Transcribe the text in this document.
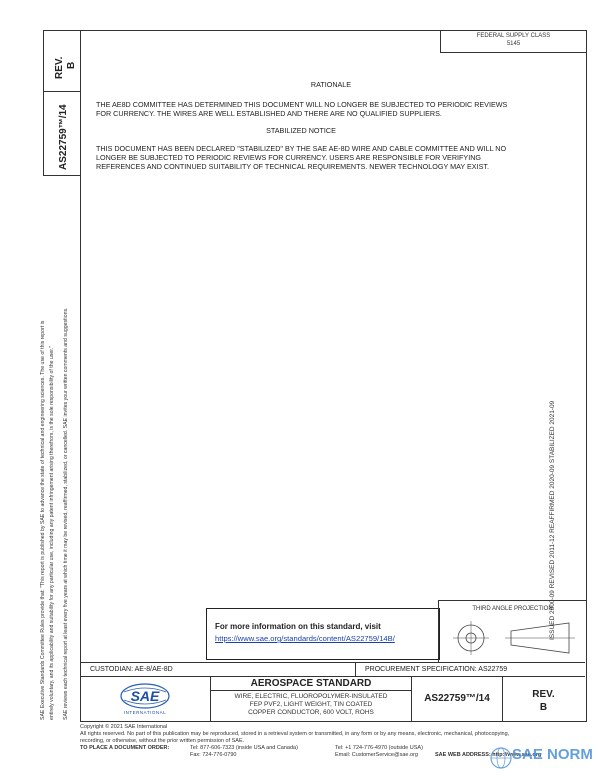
REV. B
AS22759™/14
FEDERAL SUPPLY CLASS
5145
RATIONALE
THE AE8D COMMITTEE HAS DETERMINED THIS DOCUMENT WILL NO LONGER BE SUBJECTED TO PERIODIC REVIEWS FOR CURRENCY. THE WIRES ARE WELL ESTABLISHED AND THERE ARE NO QUALIFIED SUPPLIERS.
STABILIZED NOTICE
THIS DOCUMENT HAS BEEN DECLARED "STABILIZED" BY THE SAE AE-8D WIRE AND CABLE COMMITTEE AND WILL NO LONGER BE SUBJECTED TO PERIODIC REVIEWS FOR CURRENCY. USERS ARE RESPONSIBLE FOR VERIFYING REFERENCES AND CONTINUED SUITABILITY OF TECHNICAL REQUIREMENTS. NEWER TECHNOLOGY MAY EXIST.
SAE Executive Standards Committee Rules provide that: "This report is published by SAE to advance the state of technical and engineering sciences. The use of this report is entirely voluntary, and its applicability and suitability for any particular use, including any patent infringement arising therefrom, is the sole responsibility of the user." SAE reviews each technical report at least every five years at which time it may be revised, reaffirmed, stabilized, or cancelled. SAE invites your written comments and suggestions.	ISSUED 2000-09 REVISED 2011-12 REAFFIRMED 2020-09 STABILIZED 2021-09
For more information on this standard, visit
https://www.sae.org/standards/content/AS22759/14B/
THIRD ANGLE PROJECTION
CUSTODIAN: AE-8/AE-8D	PROCUREMENT SPECIFICATION: AS22759
SAE
INTERNATIONAL
AEROSPACE STANDARD
WIRE, ELECTRIC, FLUOROPOLYMER-INSULATED
FEP PVF2, LIGHT WEIGHT, TIN COATED
COPPER CONDUCTOR, 600 VOLT, ROHS
AS22759™/14	REV.
B
Copyright © 2021 SAE International
All rights reserved. No part of this publication may be reproduced, stored in a retrieval system or transmitted, in any form or by any means, electronic, mechanical, photocopying,
recording, or otherwise, without the prior written permission of SAE.
TO PLACE A DOCUMENT ORDER:	Tel: 877-606-7323 (inside USA and Canada)
Fax: 724-776-0790
Tel: +1 724-776-4970 (outside USA)
Email: CustomerService@sae.org	SAE WEB ADDRESS: http://www.sae.org
SAE NORM
